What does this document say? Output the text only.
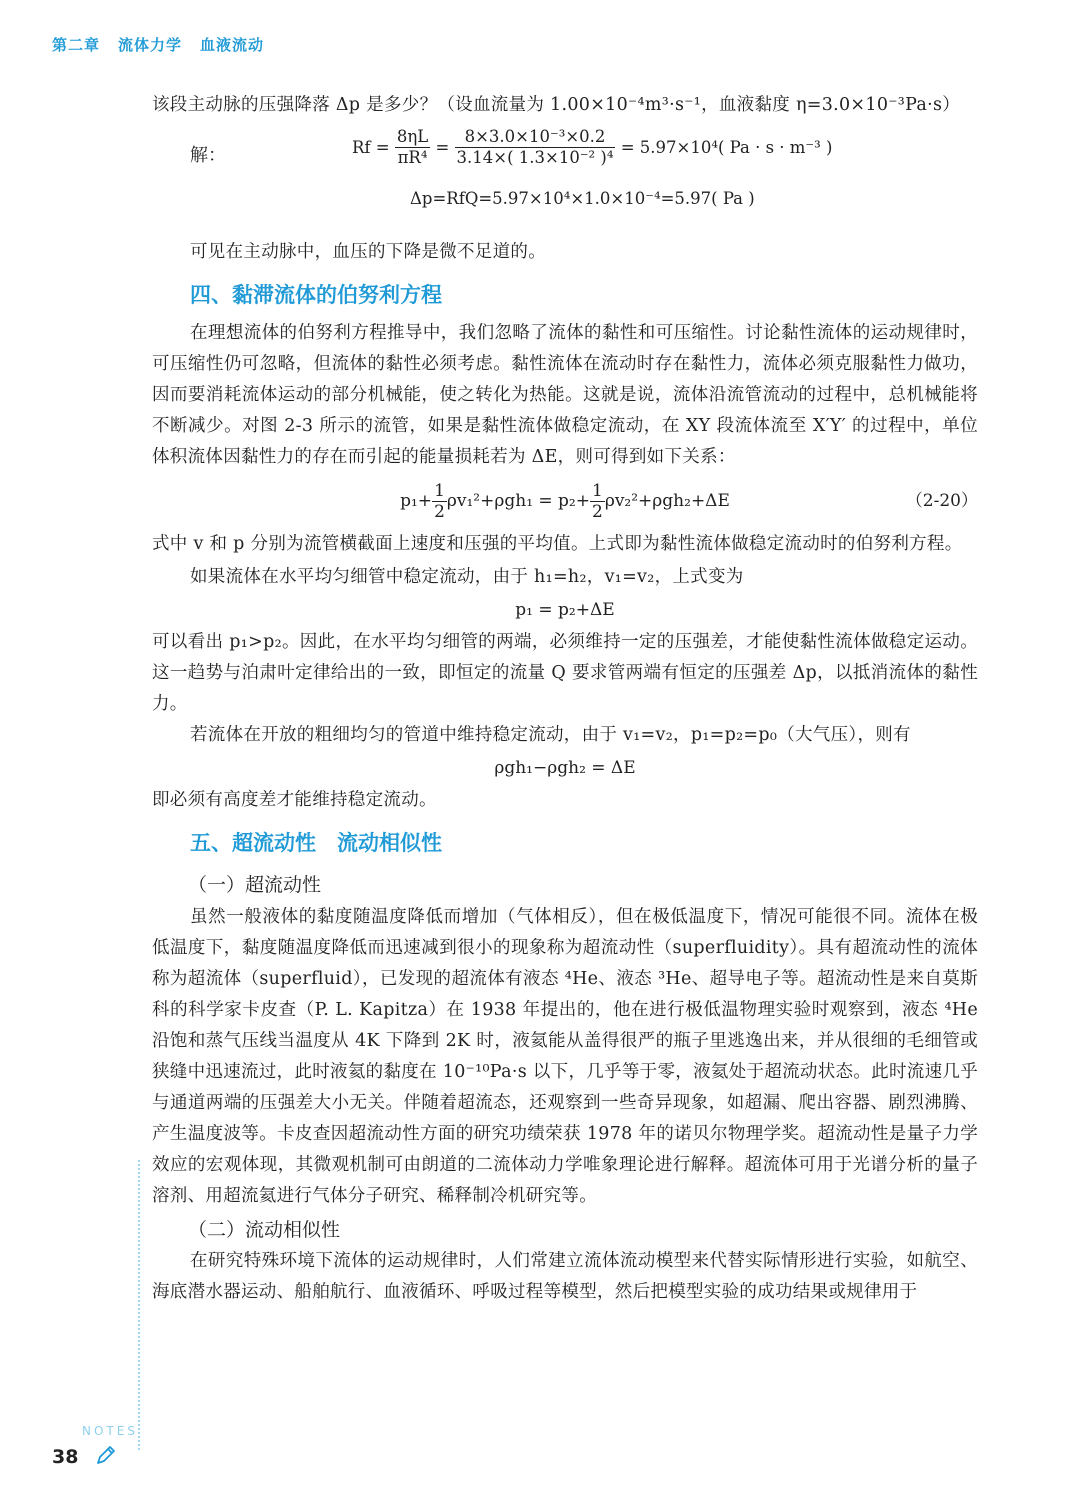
第二章 流体力学 血液流动

该段主动脉的压强降落 Δp 是多少？（设血流量为 1.00×10⁻⁴m³·s⁻¹，血液黏度 η=3.0×10⁻³Pa·s）

解：	$Rf = \frac{8\eta L}{\text{πR⁴}} = \frac{\text{8×3.0×10⁻³×0.2}}{\text{3.14×( 1.3×10⁻² )⁴}} = 5.97\times 10^4$( Pa · s · m⁻³ )
Δp=RfQ=5.97×10⁴×1.0×10⁻⁴=5.97( Pa )

可见在主动脉中，血压的下降是微不足道的。

四、黏滞流体的伯努利方程

在理想流体的伯努利方程推导中，我们忽略了流体的黏性和可压缩性。讨论黏性流体的运动规律时，可压缩性仍可忽略，但流体的黏性必须考虑。黏性流体在流动时存在黏性力，流体必须克服黏性力做功，因而要消耗流体运动的部分机械能，使之转化为热能。这就是说，流体沿流管流动的过程中，总机械能将不断减少。对图 2-3 所示的流管，如果是黏性流体做稳定流动，在 XY 段流体流至 X′Y′ 的过程中，单位体积流体因黏性力的存在而引起的能量损耗若为 ΔE，则可得到如下关系：

$p_1+ \frac{1}{2} \rho v_1^2+\rho gh_1 = p_2+ \frac{1}{2} \rho v_2^2+\rho gh_2+\Delta E$	（2-20）

式中 v 和 p 分别为流管横截面上速度和压强的平均值。上式即为黏性流体做稳定流动时的伯努利方程。

如果流体在水平均匀细管中稳定流动，由于 h₁=h₂，v₁=v₂，上式变为

p₁ = p₂+ΔE

可以看出 p₁>p₂。因此，在水平均匀细管的两端，必须维持一定的压强差，才能使黏性流体做稳定运动。这一趋势与泊肃叶定律给出的一致，即恒定的流量 Q 要求管两端有恒定的压强差 Δp，以抵消流体的黏性力。

若流体在开放的粗细均匀的管道中维持稳定流动，由于 v₁=v₂，p₁=p₂=p₀（大气压），则有

ρgh₁−ρgh₂ = ΔE

即必须有高度差才能维持稳定流动。

五、超流动性　流动相似性

（一）超流动性

虽然一般液体的黏度随温度降低而增加（气体相反），但在极低温度下，情况可能很不同。流体在极低温度下，黏度随温度降低而迅速减到很小的现象称为超流动性（superfluidity）。具有超流动性的流体称为超流体（superfluid），已发现的超流体有液态 ⁴He、液态 ³He、超导电子等。超流动性是来自莫斯科的科学家卡皮查（P. L. Kapitza）在 1938 年提出的，他在进行极低温物理实验时观察到，液态 ⁴He 沿饱和蒸气压线当温度从 4K 下降到 2K 时，液氦能从盖得很严的瓶子里逃逸出来，并从很细的毛细管或狭缝中迅速流过，此时液氦的黏度在 10⁻¹⁰Pa·s 以下，几乎等于零，液氦处于超流动状态。此时流速几乎与通道两端的压强差大小无关。伴随着超流态，还观察到一些奇异现象，如超漏、爬出容器、剧烈沸腾、产生温度波等。卡皮查因超流动性方面的研究功绩荣获 1978 年的诺贝尔物理学奖。超流动性是量子力学效应的宏观体现，其微观机制可由朗道的二流体动力学唯象理论进行解释。超流体可用于光谱分析的量子溶剂、用超流氦进行气体分子研究、稀释制冷机研究等。

（二）流动相似性

在研究特殊环境下流体的运动规律时，人们常建立流体流动模型来代替实际情形进行实验，如航空、海底潜水器运动、船舶航行、血液循环、呼吸过程等模型，然后把模型实验的成功结果或规律用于

NOTES
38
